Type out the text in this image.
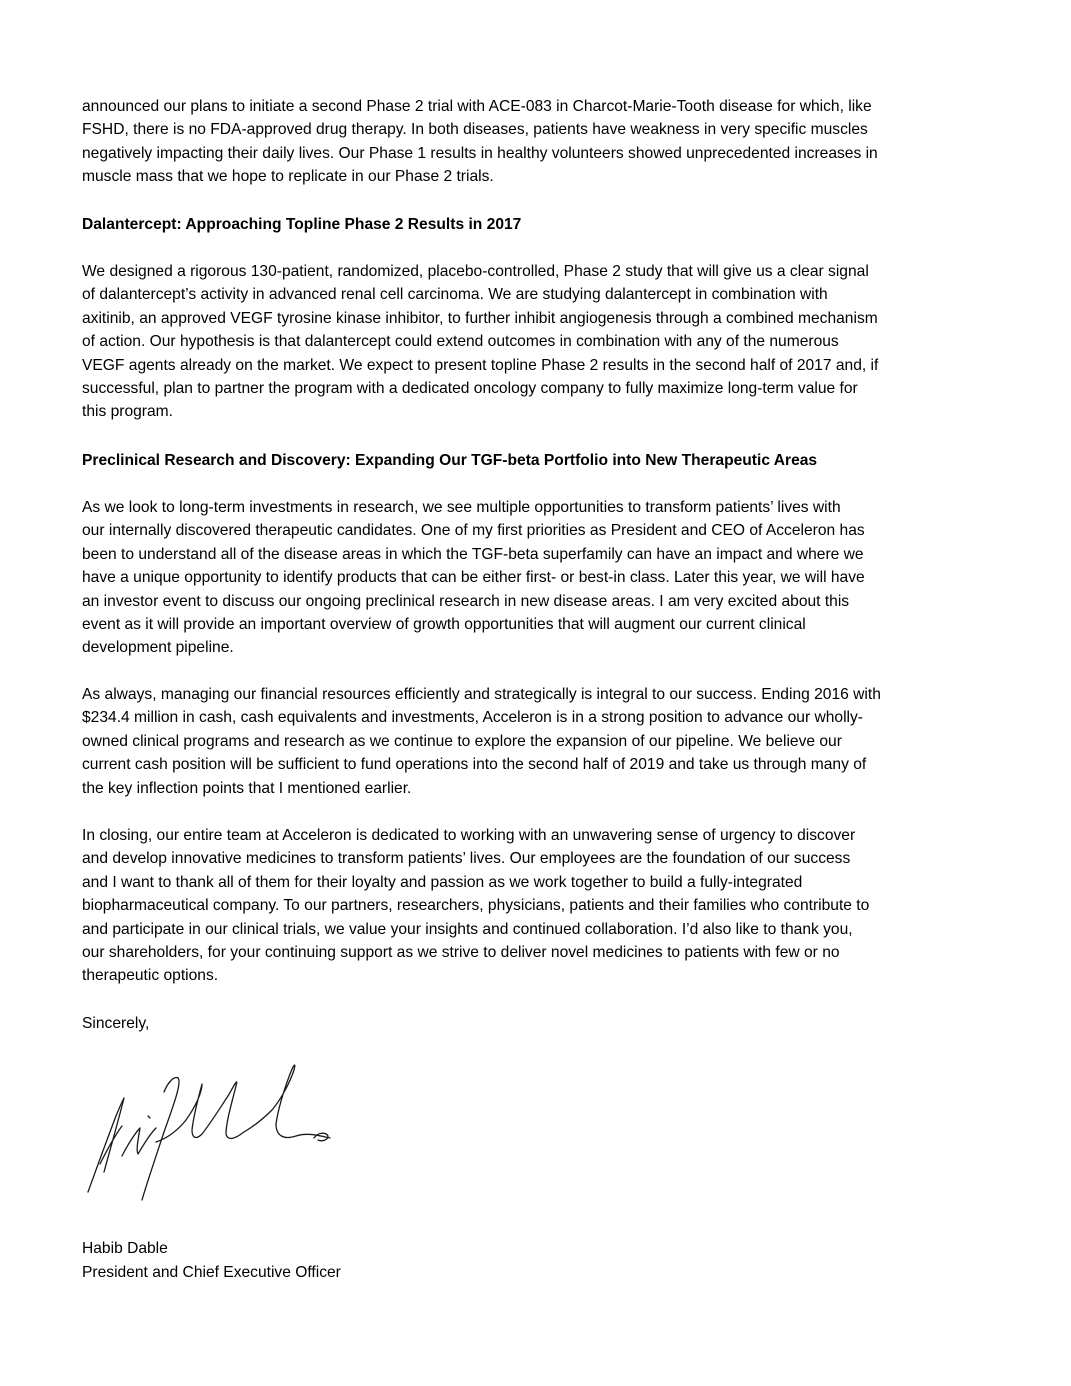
announced our plans to initiate a second Phase 2 trial with ACE-083 in Charcot-Marie-Tooth disease for which, like
FSHD, there is no FDA-approved drug therapy. In both diseases, patients have weakness in very specific muscles
negatively impacting their daily lives. Our Phase 1 results in healthy volunteers showed unprecedented increases in
muscle mass that we hope to replicate in our Phase 2 trials.

Dalantercept: Approaching Topline Phase 2 Results in 2017

We designed a rigorous 130-patient, randomized, placebo-controlled, Phase 2 study that will give us a clear signal
of dalantercept’s activity in advanced renal cell carcinoma. We are studying dalantercept in combination with
axitinib, an approved VEGF tyrosine kinase inhibitor, to further inhibit angiogenesis through a combined mechanism
of action. Our hypothesis is that dalantercept could extend outcomes in combination with any of the numerous
VEGF agents already on the market. We expect to present topline Phase 2 results in the second half of 2017 and, if
successful, plan to partner the program with a dedicated oncology company to fully maximize long-term value for
this program.

Preclinical Research and Discovery: Expanding Our TGF-beta Portfolio into New Therapeutic Areas

As we look to long-term investments in research, we see multiple opportunities to transform patients’ lives with
our internally discovered therapeutic candidates. One of my first priorities as President and CEO of Acceleron has
been to understand all of the disease areas in which the TGF-beta superfamily can have an impact and where we
have a unique opportunity to identify products that can be either first- or best-in class. Later this year, we will have
an investor event to discuss our ongoing preclinical research in new disease areas. I am very excited about this
event as it will provide an important overview of growth opportunities that will augment our current clinical
development pipeline.

As always, managing our financial resources efficiently and strategically is integral to our success. Ending 2016 with
$234.4 million in cash, cash equivalents and investments, Acceleron is in a strong position to advance our wholly-
owned clinical programs and research as we continue to explore the expansion of our pipeline. We believe our
current cash position will be sufficient to fund operations into the second half of 2019 and take us through many of
the key inflection points that I mentioned earlier.

In closing, our entire team at Acceleron is dedicated to working with an unwavering sense of urgency to discover
and develop innovative medicines to transform patients’ lives. Our employees are the foundation of our success
and I want to thank all of them for their loyalty and passion as we work together to build a fully-integrated
biopharmaceutical company. To our partners, researchers, physicians, patients and their families who contribute to
and participate in our clinical trials, we value your insights and continued collaboration. I’d also like to thank you,
our shareholders, for your continuing support as we strive to deliver novel medicines to patients with few or no
therapeutic options.

Sincerely,

Habib Dable

President and Chief Executive Officer
